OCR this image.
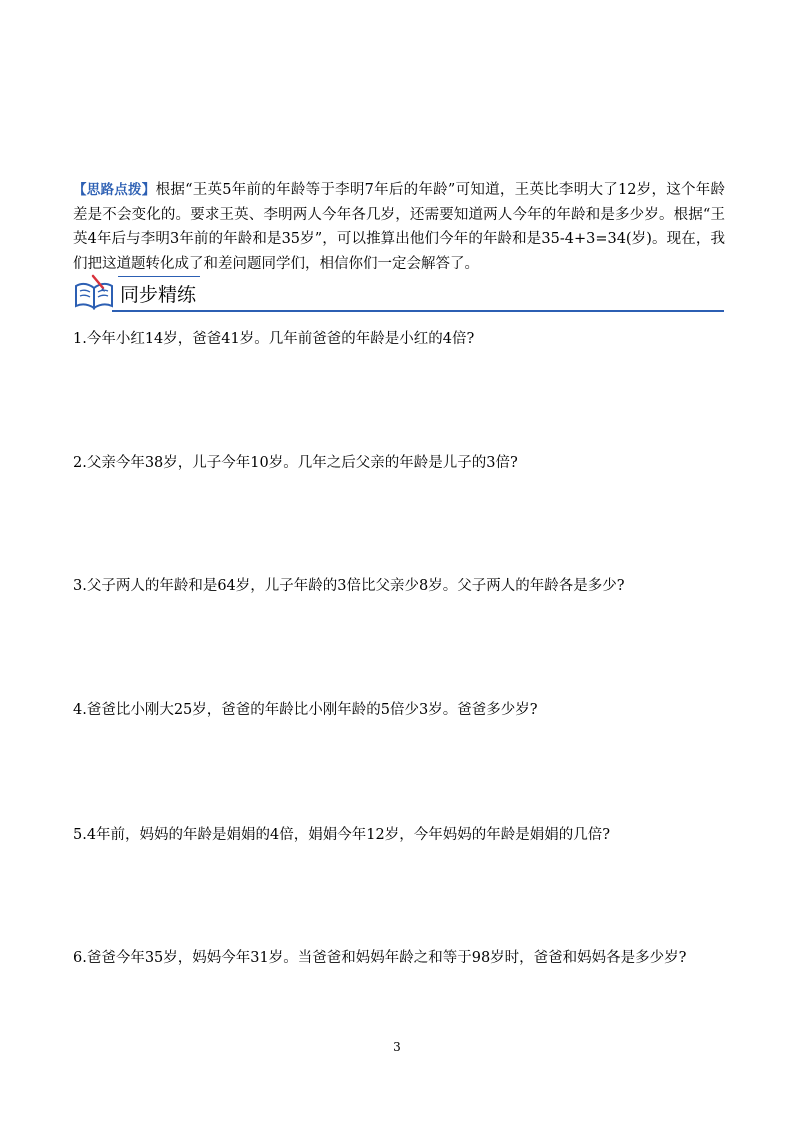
【思路点拨】根据“王英5年前的年龄等于李明7年后的年龄”可知道，王英比李明大了12岁，这个年龄差是不会变化的。要求王英、李明两人今年各几岁，还需要知道两人今年的年龄和是多少岁。根据“王英4年后与李明3年前的年龄和是35岁”，可以推算出他们今年的年龄和是35-4+3=34(岁)。现在，我们把这道题转化成了和差问题同学们，相信你们一定会解答了。
同步精练
1.今年小红14岁，爸爸41岁。几年前爸爸的年龄是小红的4倍?
2.父亲今年38岁，儿子今年10岁。几年之后父亲的年龄是儿子的3倍?
3.父子两人的年龄和是64岁，儿子年龄的3倍比父亲少8岁。父子两人的年龄各是多少?
4.爸爸比小刚大25岁，爸爸的年龄比小刚年龄的5倍少3岁。爸爸多少岁?
5.4年前，妈妈的年龄是娟娟的4倍，娟娟今年12岁，今年妈妈的年龄是娟娟的几倍?
6.爸爸今年35岁，妈妈今年31岁。当爸爸和妈妈年龄之和等于98岁时，爸爸和妈妈各是多少岁?
3
